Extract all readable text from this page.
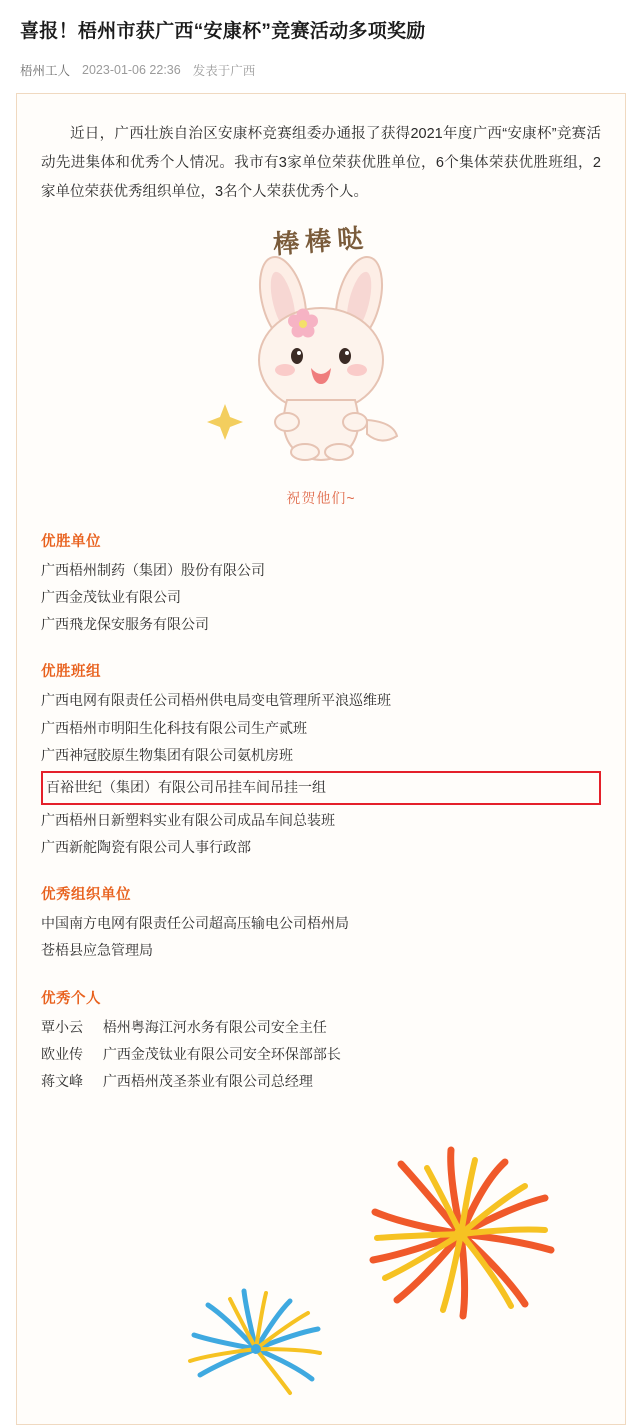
喜报！梧州市获广西“安康杯”竞赛活动多项奖励
梧州工人 2023-01-06 22:36 发表于广西

近日，广西壮族自治区安康杯竞赛组委办通报了获得2021年度广西“安康杯”竞赛活动先进集体和优秀个人情况。我市有3家单位荣获优胜单位，6个集体荣获优胜班组，2家单位荣获优秀组织单位，3名个人荣获优秀个人。

棒棒哒
祝贺他们~
优胜单位
广西梧州制药（集团）股份有限公司
广西金茂钛业有限公司
广西飛龙保安服务有限公司
优胜班组
广西电网有限责任公司梧州供电局变电管理所平浪巡维班
广西梧州市明阳生化科技有限公司生产贰班
广西神冠胶原生物集团有限公司氨机房班
百裕世纪（集团）有限公司吊挂车间吊挂一组
广西梧州日新塑料实业有限公司成品车间总装班
广西新舵陶瓷有限公司人事行政部
优秀组织单位
中国南方电网有限责任公司超高压输电公司梧州局
苍梧县应急管理局
优秀个人
覃小云 梧州粤海江河水务有限公司安全主任
欧业传 广西金茂钛业有限公司安全环保部部长
蒋文峰 广西梧州茂圣茶业有限公司总经理
